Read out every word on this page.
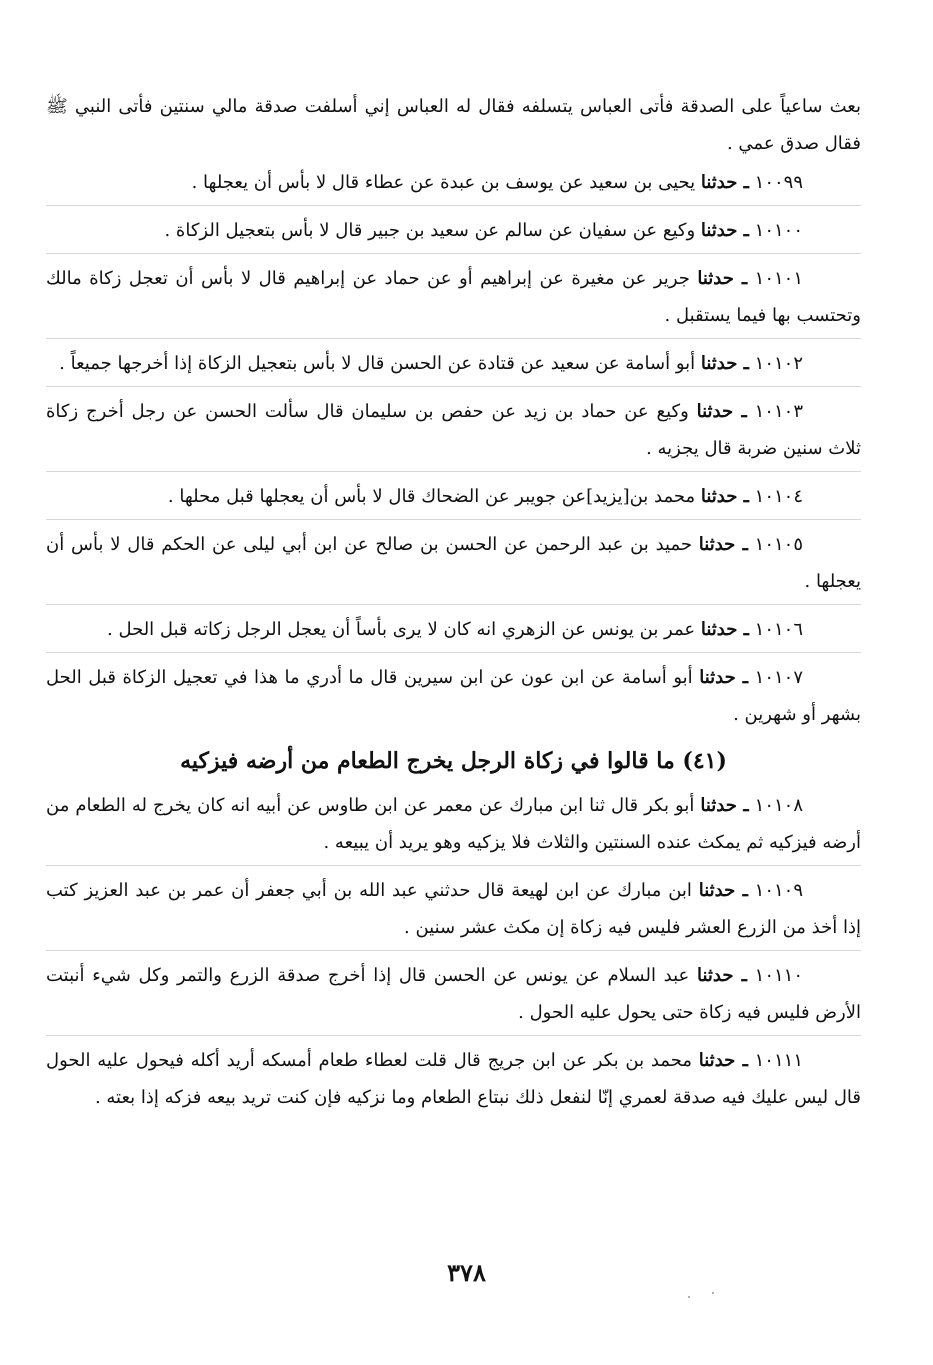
بعث ساعياً على الصدقة فأتى العباس يتسلفه فقال له العباس إني أسلفت صدقة مالي سنتين فأتى النبي ﷺ فقال صدق عمي .

١٠٠٩٩ ـ حدثنا يحيى بن سعيد عن يوسف بن عبدة عن عطاء قال لا بأس أن يعجلها .

١٠١٠٠ ـ حدثنا وكيع عن سفيان عن سالم عن سعيد بن جبير قال لا بأس بتعجيل الزكاة .

١٠١٠١ ـ حدثنا جرير عن مغيرة عن إبراهيم أو عن حماد عن إبراهيم قال لا بأس أن تعجل زكاة مالك وتحتسب بها فيما يستقبل .

١٠١٠٢ ـ حدثنا أبو أسامة عن سعيد عن قتادة عن الحسن قال لا بأس بتعجيل الزكاة إذا أخرجها جميعاً .

١٠١٠٣ ـ حدثنا وكيع عن حماد بن زيد عن حفص بن سليمان قال سألت الحسن عن رجل أخرج زكاة ثلاث سنين ضربة قال يجزيه .

١٠١٠٤ ـ حدثنا محمد بن[يزيد]عن جويبر عن الضحاك قال لا بأس أن يعجلها قبل محلها .

١٠١٠٥ ـ حدثنا حميد بن عبد الرحمن عن الحسن بن صالح عن ابن أبي ليلى عن الحكم قال لا بأس أن يعجلها .

١٠١٠٦ ـ حدثنا عمر بن يونس عن الزهري انه كان لا يرى بأساً أن يعجل الرجل زكاته قبل الحل .

١٠١٠٧ ـ حدثنا أبو أسامة عن ابن عون عن ابن سيرين قال ما أدري ما هذا في تعجيل الزكاة قبل الحل بشهر أو شهرين .

(٤١) ما قالوا في زكاة الرجل يخرج الطعام من أرضه فيزكيه

١٠١٠٨ ـ حدثنا أبو بكر قال ثنا ابن مبارك عن معمر عن ابن طاوس عن أبيه انه كان يخرج له الطعام من أرضه فيزكيه ثم يمكث عنده السنتين والثلاث فلا يزكيه وهو يريد أن يبيعه .

١٠١٠٩ ـ حدثنا ابن مبارك عن ابن لهيعة قال حدثني عبد الله بن أبي جعفر أن عمر بن عبد العزيز كتب إذا أخذ من الزرع العشر فليس فيه زكاة إن مكث عشر سنين .

١٠١١٠ ـ حدثنا عبد السلام عن يونس عن الحسن قال إذا أخرج صدقة الزرع والتمر وكل شيء أنبتت الأرض فليس فيه زكاة حتى يحول عليه الحول .

١٠١١١ ـ حدثنا محمد بن بكر عن ابن جريج قال قلت لعطاء طعام أمسكه أريد أكله فيحول عليه الحول قال ليس عليك فيه صدقة لعمري إنّا لنفعل ذلك نبتاع الطعام وما نزكيه فإن كنت تريد بيعه فزكه إذا بعته .

٣٧٨
